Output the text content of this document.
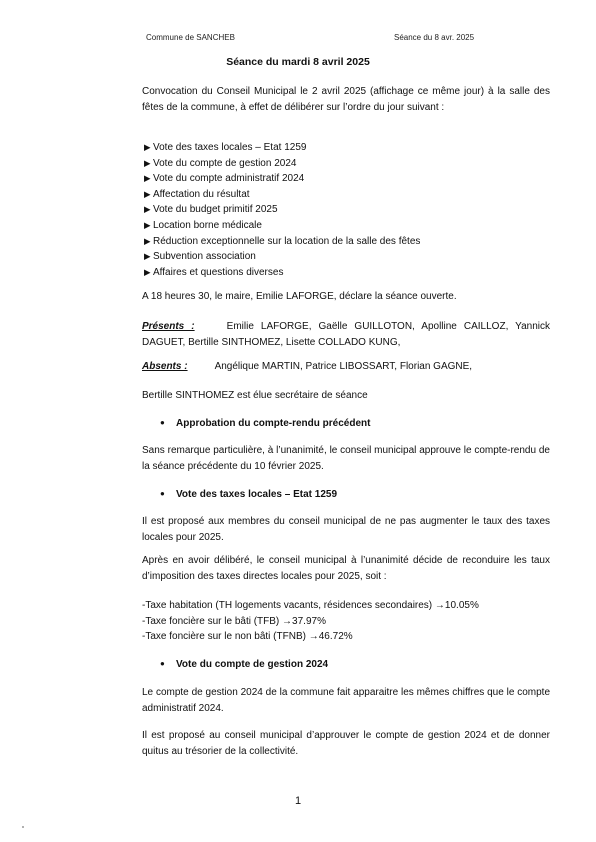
Commune de SANCHEB	Séance du 8 avr. 2025
Séance du mardi 8 avril 2025
Convocation du Conseil Municipal le 2 avril 2025 (affichage ce même jour) à la salle des fêtes de la commune, à effet de délibérer sur l’ordre du jour suivant :
▶ Vote des taxes locales – Etat 1259
▶ Vote du compte de gestion 2024
▶ Vote du compte administratif 2024
▶ Affectation du résultat
▶ Vote du budget primitif 2025
▶ Location borne médicale
▶ Réduction exceptionnelle sur la location de la salle des fêtes
▶ Subvention association
▶ Affaires et questions diverses
A 18 heures 30, le maire, Emilie LAFORGE, déclare la séance ouverte.
Présents :	Emilie LAFORGE, Gaëlle GUILLOTON, Apolline CAILLOZ, Yannick DAGUET, Bertille SINTHOMEZ, Lisette COLLADO KUNG,
Absents :	Angélique MARTIN, Patrice LIBOSSART, Florian GAGNE,
Bertille SINTHOMEZ est élue secrétaire de séance
● Approbation du compte-rendu précédent
Sans remarque particulière, à l’unanimité, le conseil municipal approuve le compte-rendu de la séance précédente du 10 février 2025.
● Vote des taxes locales – Etat 1259
Il est proposé aux membres du conseil municipal de ne pas augmenter le taux des taxes locales pour 2025.
Après en avoir délibéré, le conseil municipal à l’unanimité décide de reconduire les taux d’imposition des taxes directes locales pour 2025, soit :
-Taxe habitation (TH logements vacants, résidences secondaires) →10.05%
-Taxe foncière sur le bâti (TFB) →37.97%
-Taxe foncière sur le non bâti (TFNB) →46.72%
● Vote du compte de gestion 2024
Le compte de gestion 2024 de la commune fait apparaitre les mêmes chiffres que le compte administratif 2024.
Il est proposé au conseil municipal d’approuver le compte de gestion 2024 et de donner quitus au trésorier de la collectivité.
1
